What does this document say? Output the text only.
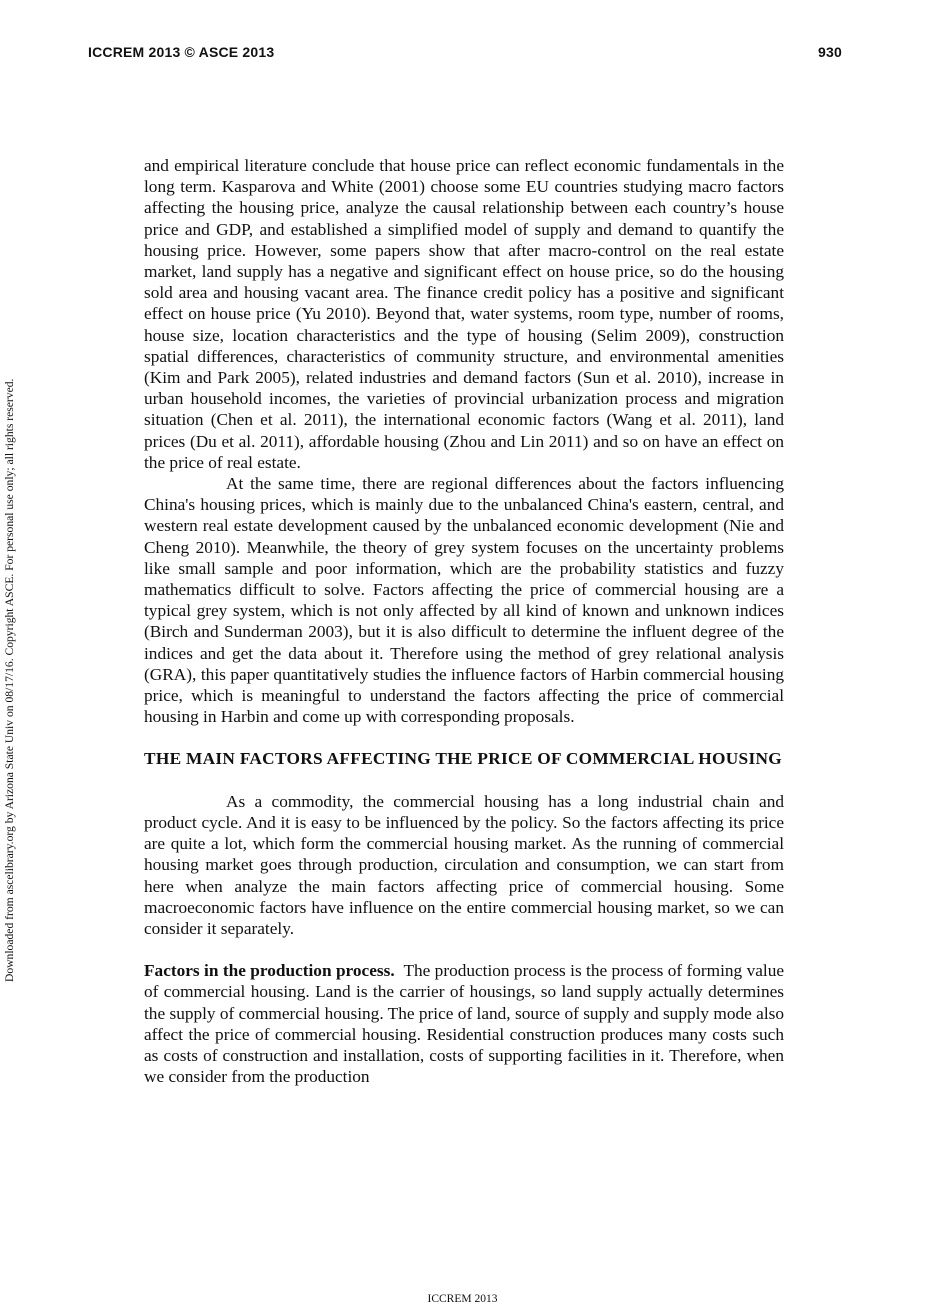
ICCREM 2013 © ASCE 2013	930
Downloaded from ascelibrary.org by Arizona State Univ on 08/17/16. Copyright ASCE. For personal use only; all rights reserved.

and empirical literature conclude that house price can reflect economic fundamentals in the long term. Kasparova and White (2001) choose some EU countries studying macro factors affecting the housing price, analyze the causal relationship between each country’s house price and GDP, and established a simplified model of supply and demand to quantify the housing price. However, some papers show that after macro-control on the real estate market, land supply has a negative and significant effect on house price, so do the housing sold area and housing vacant area. The finance credit policy has a positive and significant effect on house price (Yu 2010). Beyond that, water systems, room type, number of rooms, house size, location characteristics and the type of housing (Selim 2009), construction spatial differences, characteristics of community structure, and environmental amenities (Kim and Park 2005), related industries and demand factors (Sun et al. 2010), increase in urban household incomes, the varieties of provincial urbanization process and migration situation (Chen et al. 2011), the international economic factors (Wang et al. 2011), land prices (Du et al. 2011), affordable housing (Zhou and Lin 2011) and so on have an effect on the price of real estate.

At the same time, there are regional differences about the factors influencing China's housing prices, which is mainly due to the unbalanced China's eastern, central, and western real estate development caused by the unbalanced economic development (Nie and Cheng 2010). Meanwhile, the theory of grey system focuses on the uncertainty problems like small sample and poor information, which are the probability statistics and fuzzy mathematics difficult to solve. Factors affecting the price of commercial housing are a typical grey system, which is not only affected by all kind of known and unknown indices (Birch and Sunderman 2003), but it is also difficult to determine the influent degree of the indices and get the data about it. Therefore using the method of grey relational analysis (GRA), this paper quantitatively studies the influence factors of Harbin commercial housing price, which is meaningful to understand the factors affecting the price of commercial housing in Harbin and come up with corresponding proposals.

THE MAIN FACTORS AFFECTING THE PRICE OF COMMERCIAL HOUSING

As a commodity, the commercial housing has a long industrial chain and product cycle. And it is easy to be influenced by the policy. So the factors affecting its price are quite a lot, which form the commercial housing market. As the running of commercial housing market goes through production, circulation and consumption, we can start from here when analyze the main factors affecting price of commercial housing. Some macroeconomic factors have influence on the entire commercial housing market, so we can consider it separately.

Factors in the production process. The production process is the process of forming value of commercial housing. Land is the carrier of housings, so land supply actually determines the supply of commercial housing. The price of land, source of supply and supply mode also affect the price of commercial housing. Residential construction produces many costs such as costs of construction and installation, costs of supporting facilities in it. Therefore, when we consider from the production

ICCREM 2013
